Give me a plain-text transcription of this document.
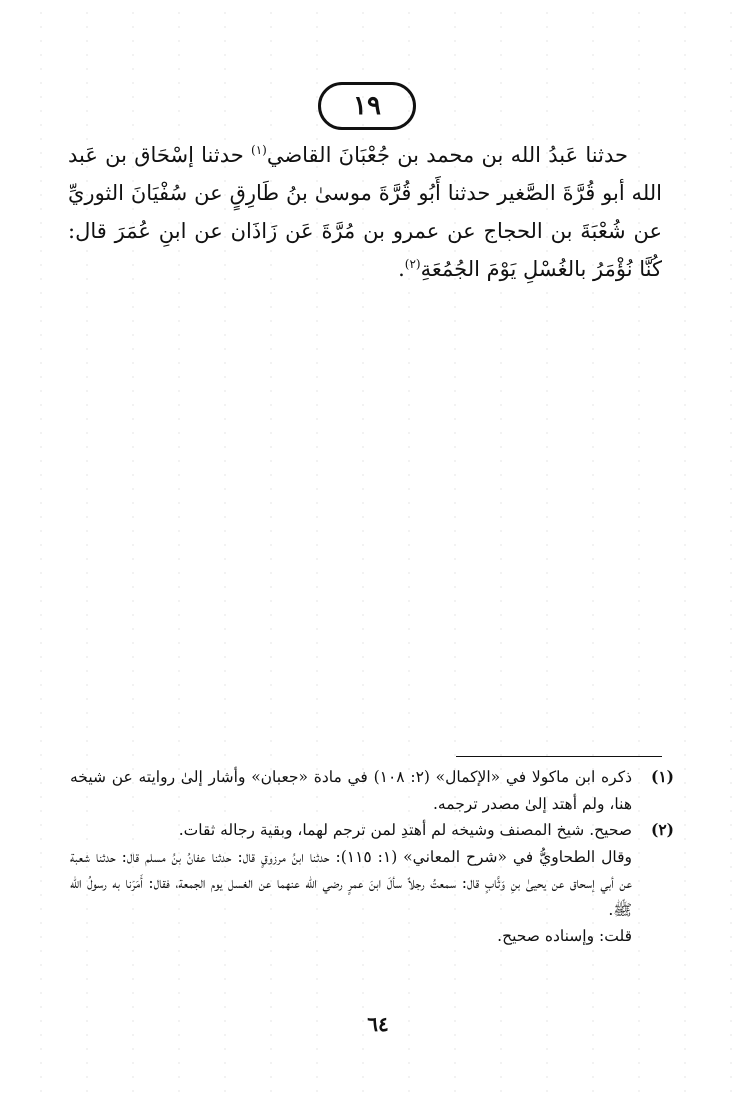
١٩

حدثنا عَبدُ الله بن محمد بن جُعْبَانَ القاضي$^{(١)}$ حدثنا إسْحَاق بن عَبد الله أبو قُرَّةَ الصَّغير حدثنا أَبُو قُرَّةَ موسىٰ بنُ طَارِقٍ عن سُفْيَانَ الثوريِّ عن شُعْبَةَ بن الحجاج عن عمرو بن مُرَّةَ عَن زَاذَان عن ابنِ عُمَرَ قال: كُنَّا نُؤْمَرُ بالغُسْلِ يَوْمَ الجُمُعَةِ$^{(٢)}$.

(١)

ذكره ابن ماكولا في «الإكمال» (٢: ١٠٨) في مادة «جعبان» وأشار إلىٰ روايته عن شيخه هنا، ولم أهتد إلىٰ مصدر ترجمه.

(٢)

صحيح. شيخ المصنف وشيخه لم أهتدِ لمن ترجم لهما، وبقية رجاله ثقات.

وقال الطحاويُّ في «شرح المعاني» (١: ١١٥): حدثنا ابنُ مرزوقٍ قال: حدثنا عفانُ بنُ مسلم قال: حدثنا شعبة عن أبي إسحاق عن يحيىٰ بنِ وَثَّابٍ قال: سمعتُ رجلاً سألَ ابنَ عمرٍ رضي الله عنهما عن الغسل يوم الجمعة، فقال: أَمَرَنا به رسولُ الله ﷺ.

قلت: وإسناده صحيح.

٦٤
